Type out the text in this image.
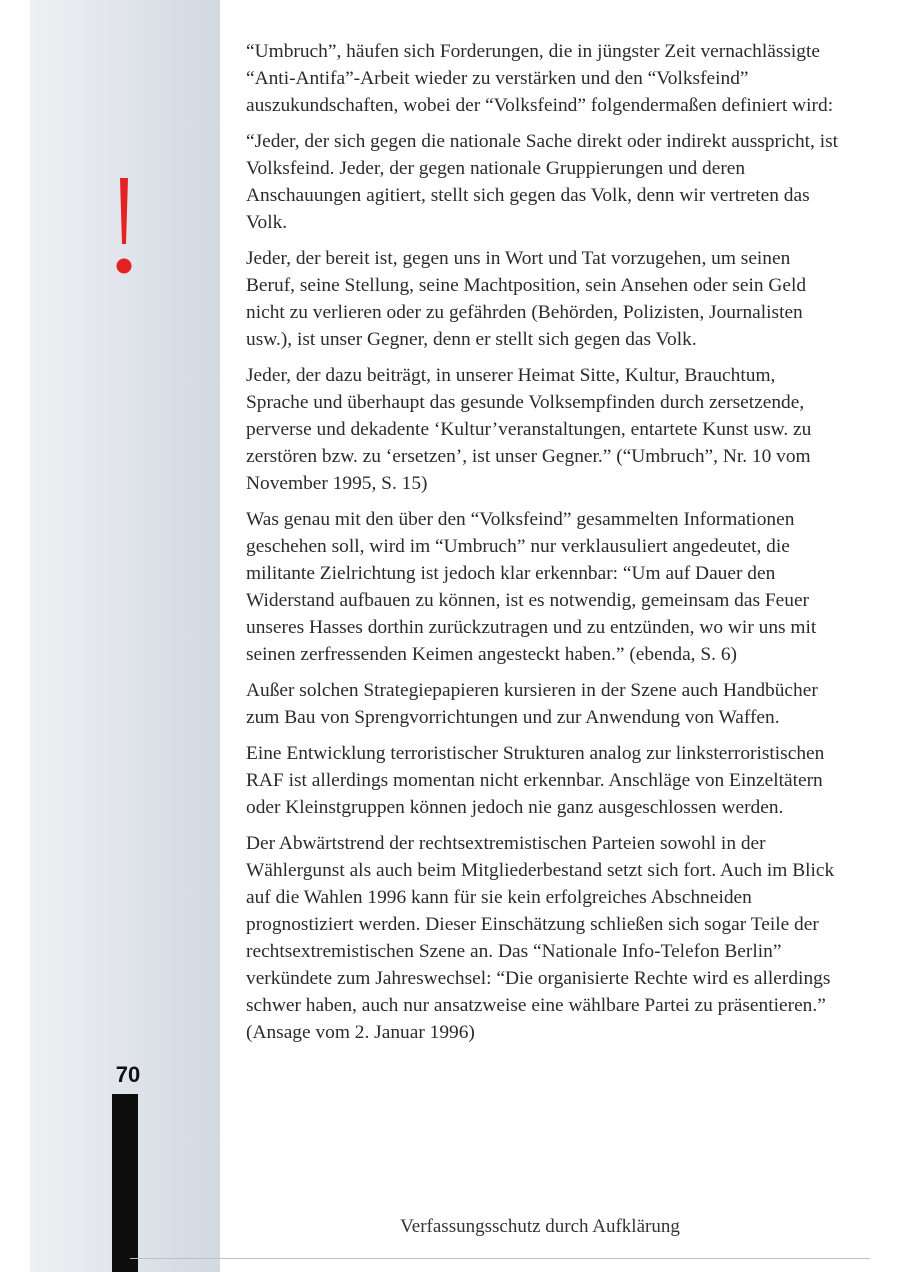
70

“Umbruch”, häufen sich Forderungen, die in jüngster Zeit vernachlässigte “Anti-Antifa”-Arbeit wieder zu verstärken und den “Volksfeind” auszukundschaften, wobei der “Volksfeind” folgendermaßen definiert wird:

“Jeder, der sich gegen die nationale Sache direkt oder indirekt ausspricht, ist Volksfeind. Jeder, der gegen nationale Gruppierungen und deren Anschauungen agitiert, stellt sich gegen das Volk, denn wir vertreten das Volk.

Jeder, der bereit ist, gegen uns in Wort und Tat vorzugehen, um seinen Beruf, seine Stellung, seine Machtposition, sein Ansehen oder sein Geld nicht zu verlieren oder zu gefährden (Behörden, Polizisten, Journalisten usw.), ist unser Gegner, denn er stellt sich gegen das Volk.

Jeder, der dazu beiträgt, in unserer Heimat Sitte, Kultur, Brauchtum, Sprache und überhaupt das gesunde Volksempfinden durch zersetzende, perverse und dekadente ‘Kultur’veranstaltungen, entartete Kunst usw. zu zerstören bzw. zu ‘ersetzen’, ist unser Gegner.” (“Umbruch”, Nr. 10 vom November 1995, S. 15)

Was genau mit den über den “Volksfeind” gesammelten Informationen geschehen soll, wird im “Umbruch” nur verklausuliert angedeutet, die militante Zielrichtung ist jedoch klar erkennbar: “Um auf Dauer den Widerstand aufbauen zu können, ist es notwendig, gemeinsam das Feuer unseres Hasses dorthin zurückzutragen und zu entzünden, wo wir uns mit seinen zerfressenden Keimen angesteckt haben.” (ebenda, S. 6)

Außer solchen Strategiepapieren kursieren in der Szene auch Handbücher zum Bau von Sprengvorrichtungen und zur Anwendung von Waffen.

Eine Entwicklung terroristischer Strukturen analog zur linksterroristischen RAF ist allerdings momentan nicht erkennbar. Anschläge von Einzeltätern oder Kleinstgruppen können jedoch nie ganz ausgeschlossen werden.

Der Abwärtstrend der rechtsextremistischen Parteien sowohl in der Wählergunst als auch beim Mitgliederbestand setzt sich fort. Auch im Blick auf die Wahlen 1996 kann für sie kein erfolgreiches Abschneiden prognostiziert werden. Dieser Einschätzung schließen sich sogar Teile der rechtsextremistischen Szene an. Das “Nationale Info-Telefon Berlin” verkündete zum Jahreswechsel: “Die organisierte Rechte wird es allerdings schwer haben, auch nur ansatzweise eine wählbare Partei zu präsentieren.” (Ansage vom 2. Januar 1996)

Verfassungsschutz durch Aufklärung
